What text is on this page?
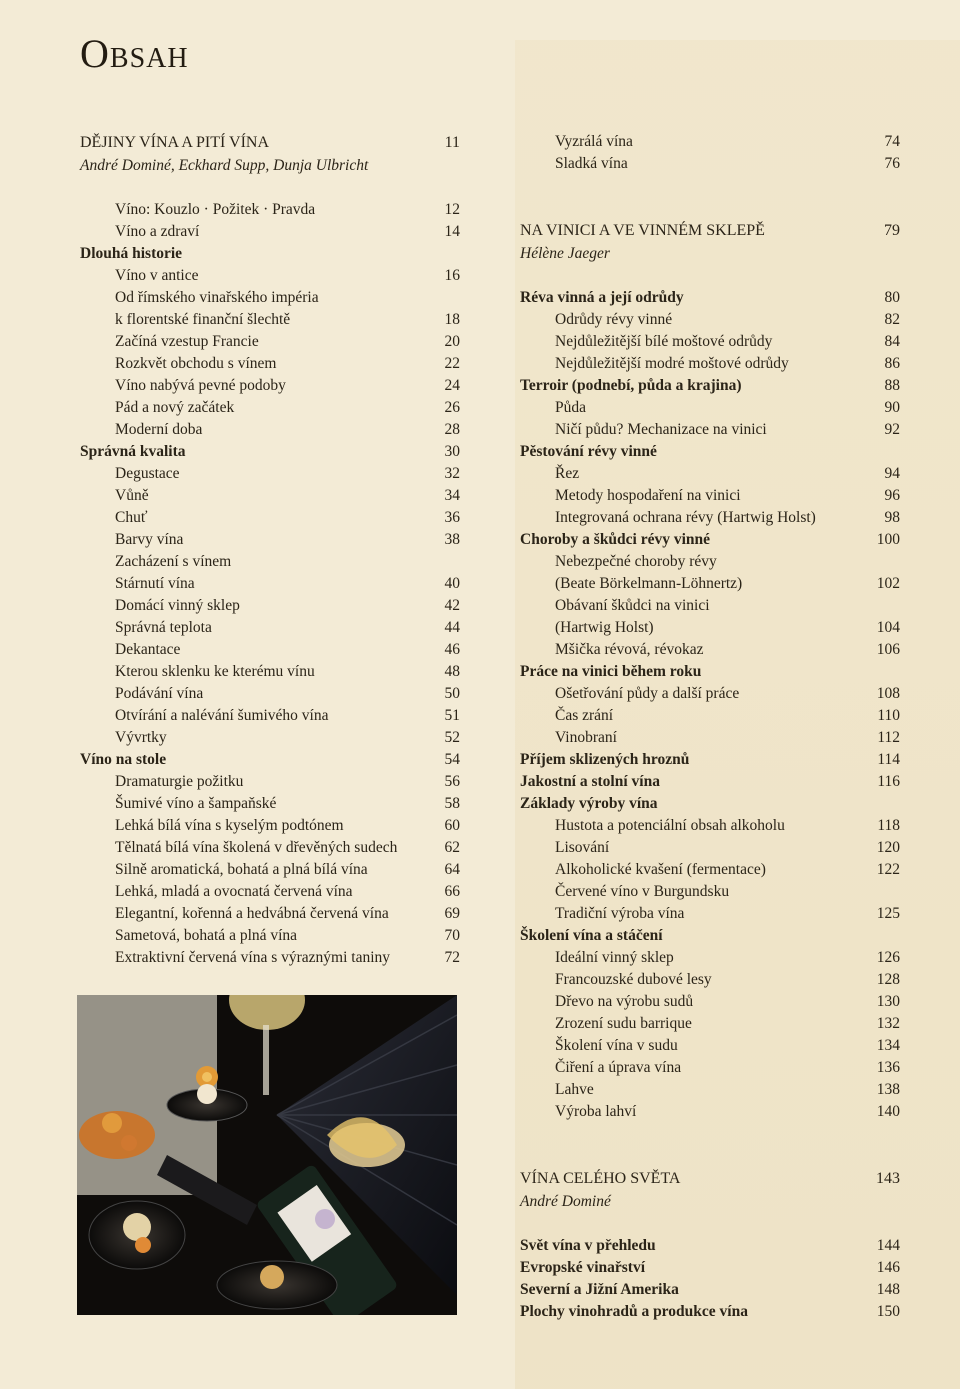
Obsah
DĚJINY VÍNA A PITÍ VÍNA	11
André Dominé, Eckhard Supp, Dunja Ulbricht
Víno: Kouzlo · Požitek · Pravda	12
Víno a zdraví	14
Dlouhá historie
Víno v antice	16
Od římského vinařského impéria
k florentské finanční šlechtě	18
Začíná vzestup Francie	20
Rozkvět obchodu s vínem	22
Víno nabývá pevné podoby	24
Pád a nový začátek	26
Moderní doba	28
Správná kvalita	30
Degustace	32
Vůně	34
Chuť	36
Barvy vína	38
Zacházení s vínem
Stárnutí vína	40
Domácí vinný sklep	42
Správná teplota	44
Dekantace	46
Kterou sklenku ke kterému vínu	48
Podávání vína	50
Otvírání a nalévání šumivého vína	51
Vývrtky	52
Víno na stole	54
Dramaturgie požitku	56
Šumivé víno a šampaňské	58
Lehká bílá vína s kyselým podtónem	60
Tělnatá bílá vína školená v dřevěných sudech	62
Silně aromatická, bohatá a plná bílá vína	64
Lehká, mladá a ovocnatá červená vína	66
Elegantní, kořenná a hedvábná červená vína	69
Sametová, bohatá a plná vína	70
Extraktivní červená vína s výraznými taniny	72
Vyzrálá vína	74
Sladká vína	76
NA VINICI A VE VINNÉM SKLEPĚ	79
Hélène Jaeger
Réva vinná a její odrůdy	80
Odrůdy révy vinné	82
Nejdůležitější bílé moštové odrůdy	84
Nejdůležitější modré moštové odrůdy	86
Terroir (podnebí, půda a krajina)	88
Půda	90
Ničí půdu? Mechanizace na vinici	92
Pěstování révy vinné
Řez	94
Metody hospodaření na vinici	96
Integrovaná ochrana révy (Hartwig Holst)	98
Choroby a škůdci révy vinné	100
Nebezpečné choroby révy
(Beate Börkelmann-Löhnertz)	102
Obávaní škůdci na vinici
(Hartwig Holst)	104
Mšička révová, révokaz	106
Práce na vinici během roku
Ošetřování půdy a další práce	108
Čas zrání	110
Vinobraní	112
Příjem sklizených hroznů	114
Jakostní a stolní vína	116
Základy výroby vína
Hustota a potenciální obsah alkoholu	118
Lisování	120
Alkoholické kvašení (fermentace)	122
Červené víno v Burgundsku
Tradiční výroba vína	125
Školení vína a stáčení
Ideální vinný sklep	126
Francouzské dubové lesy	128
Dřevo na výrobu sudů	130
Zrození sudu barrique	132
Školení vína v sudu	134
Čiření a úprava vína	136
Lahve	138
Výroba lahví	140
VÍNA CELÉHO SVĚTA	143
André Dominé
Svět vína v přehledu	144
Evropské vinařství	146
Severní a Jižní Amerika	148
Plochy vinohradů a produkce vína	150
